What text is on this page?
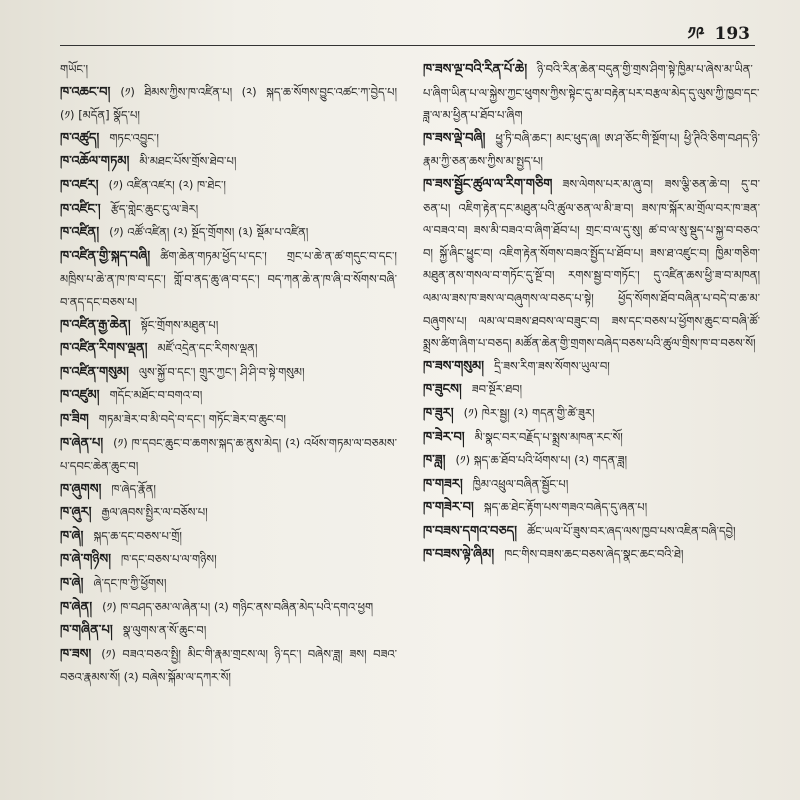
༡༩ 193
གཡོང་།
ཁ་འཆང་བ། (༡) ཐིམས་ཀྱིས་ཁ་འཛིན་པ། (༢) སྐད་ཆ་སོགས་བྱུང་འཚང་ཀ་བྱེད་པ། (༡) [མདོན] སྣོད་པ།
ཁ་འཚུད། གཏང་འབྱུང་།
ཁ་འཆོལ་གཏམ། མི་མཐང་པོས་གྲོས་ཐེབ་པ།
ཁ་འཛར། (༡) འཛིན་འཛར། (༢) ཁ་ཐེང་།
ཁ་འཛིང་། རྩོད་གླེང་ཆུང་ངུ་ལ་ཟེར།
ཁ་འཛིན། (༡) འཚོ་འཛིན། (༢) སྔོད་གྲོགས། (༣) སྡོམ་པ་འཛིན།
ཁ་འཛིན་གྱི་སྐད་བཞི། ཚིག་ཆེན་གཏམ་ཕྱོད་པ་དང་། གྲང་པ་ཆེ་ན་ཚ་གདུང་བ་དང་། མཁྲིས་པ་ཆེ་ན་ཁ་ཁ་བ་དང་། གློ་བ་ནད་ཆུ་ཞ་བ་དང་། བད་ཀན་ཆེ་ན་ཁ་ཞི་བ་སོགས་བཞི་བ་ནད་དང་བཅས་པ།
ཁ་འཛིན་རྒྱ་ཆེན། སྟོང་གྲོགས་མཐུན་པ།
ཁ་འཛིན་རིགས་ལྡན། མཛོ་འདྲེན་དང་རིགས་ལྡན།
ཁ་འཛིན་གསུམ། ལུས་སྐྱོ་བ་དང་། གྲུར་ཀྱང་། ཤི་ཤི་བ་སྟེ་གསུམ།
ཁ་འཛུམ། གདོང་མཐོང་བ་བགའ་བ།
ཁ་ཟིག གཏམ་ཟེར་བ་མི་བདེ་བ་དང་། གཏོང་ཟེར་བ་ཆུང་བ།
ཁ་ཞེན་པ། (༡) ཁ་དབང་ཆུང་བ་ཆགས་སྐད་ཆ་ནུས་མེད། (༢) འཕོས་གཏམ་ལ་བཅམས་པ་དབང་ཆེན་ཆུང་བ།
ཁ་ཞུགས། ཁ་ཞེད་རྣོན།
ཁ་ཞུར། རྒྱལ་ཞབས་སྤྱིར་ལ་བཅོས་པ།
ཁ་ཞེ། སྐད་ཆ་དང་བཅས་པ་གྲོ།
ཁ་ཞེ་གཉིས། ཁ་དང་བཅས་པ་ལ་གཉིས།
ཁ་ཞེ། ཞེ་དང་ཁ་ཀྱི་ཕྱོགས།
ཁ་ཞེན། (༡) ཁ་བཤད་ཅམ་ལ་ཞེན་པ། (༢) གཉིང་ནས་བཞིན་མེད་པའི་དགའ་ཕྱག
ཁ་གཞིན་པ། སྣ་ལུགས་ན་སོ་ཆུང་བ།
ཁ་ཟས། (༡) བཟའ་བཅའ་སྤྱི། མིང་གི་རྣམ་གྲངས་ལ། ཉི་དང་། བཞེས་ཟླ། ཟས། བཟའ་བཅའ་རྣམས་སོ། (༢) བཞེས་སྐོམ་ལ་དཀར་སོ།
ཁ་ཟས་ལྔ་བའི་རིན་པོ་ཆེ། ཉི་བའི་རིན་ཆེན་བདུན་གྱི་གྲས་ཤིག་སྟེ་ཁྱིམ་པ་ཞེས་མ་ཡིན་པ་ཞིག་ཡིན་པ་ལ་སྐྱེས་ཀྱང་ཕུགས་ཀྱིས་སྟེང་དུ་མ་བརྟེན་པར་བརྩལ་མེད་དུ་ལུས་ཀྱི་ཁྱབ་དང་ཟླ་ལ་མ་ཕྱིན་པ་ཐོབ་པ་ཞིག
ཁ་ཟས་ལྡེ་བཞི། ཕྱུ་ཏི་བཞི་ཆང་། མང་ཕུད་ཞ། ཨ་ཤ་ཅོང་གི་སྔོག་པ། ཕྱི་ཊིའི་ཅིག་བཤད་ཉི་རྣམ་ཀྱི་ཅན་ཆས་ཀྱིས་མ་སྤྱད་པ།
ཁ་ཟས་སྦྱོང་ཚུལ་ལ་རིག་གཅིག ཟས་ལེགས་པར་མ་ཞུ་བ། ཟས་ལྕི་ཅན་ཆེ་བ། དུ་བ་ཅན་པ། འཇིག་རྟེན་དང་མཐུན་པའི་ཚུལ་ཅན་ལ་མི་ཟ་བ། ཟས་ཁ་སྐོར་མ་གྲོལ་བར་ཁ་ཟན་ལ་བཟའ་བ། ཟས་མི་བཟའ་བ་ཞིག་ཐོབ་པ། གྲང་བ་ལ་དུ་སུ། ཚ་བ་ལ་སུ་སྡུད་པ་སྐྱ་བ་བཅའ་བ། སྐྱོ་ཞིང་ཕྱུང་བ། འཇིག་རྟེན་སོགས་བཟའ་སྤྱོད་པ་ཐོབ་པ། ཟས་ཐ་འཛུང་བ། ཁྱིམ་གཅིག་མཐུན་ནས་གསལ་བ་གཏོང་དུ་སྔོ་བ། རགས་སྦྱ་བ་གཏོང་། དུ་འཛིན་ཆས་ཕྱི་ཟ་བ་མཁན། ལམ་ལ་ཟས་ཁ་ཟས་ལ་བཞུགས་ལ་བཅད་པ་སྟེ། ཕྱོད་སོགས་ཐོབ་བཞིན་པ་བདེ་བ་ཆ་མ་བཞུགས་པ། ལམ་ལ་བཟས་ཐབས་ལ་བཟུང་བ། ཟས་དང་བཅས་པ་ཕྱོགས་ཆུང་བ་བཞི་ཚོ་སྨྲས་ཚིག་ཞིག་པ་བཅད། མཚོན་ཆེན་གྱི་གྲགས་བཞེད་བཅས་པའི་ཚུལ་གྲིས་ཁ་བ་བཅས་སོ།
ཁ་ཟས་གསུམ། དྲི་ཟས་རིག་ཟས་སོགས་ཡུལ་བ།
ཁ་ཟུངས། ཟབ་སྔོར་ཐབ།
ཁ་ཟུར། (༡) ཁེར་སྦྱ། (༢) གདན་གྱི་ཚེ་ཟུར།
ཁ་ཟེར་བ། མི་སྣང་བར་བརྗོད་པ་སྨྲས་མཁན་རང་སོ།
ཁ་ཟླ། (༡) སྐད་ཆ་ཐོབ་པའི་ཕོགས་པ། (༢) གདན་ཟླ།
ཁ་གཟར། ཁྱིམ་འཕྲུལ་བཞིན་སྦྱོང་པ།
ཁ་གཟེར་བ། སྐད་ཆ་ཐེང་རྟོག་པས་གཟའ་བཞེད་དུ་ཞན་པ།
ཁ་བཟས་དགའ་བཅད། ཚོང་ཡལ་པོ་ཟུས་བར་ཞད་ལས་ཁྱབ་པས་འཇིན་བཞི་དབྱེ།
ཁ་བཟས་ལྟེ་ཞིམ། ཁང་གིས་བཟས་ཆང་བཅས་ཞེད་སྣང་ཆང་བའི་ཐེ།
